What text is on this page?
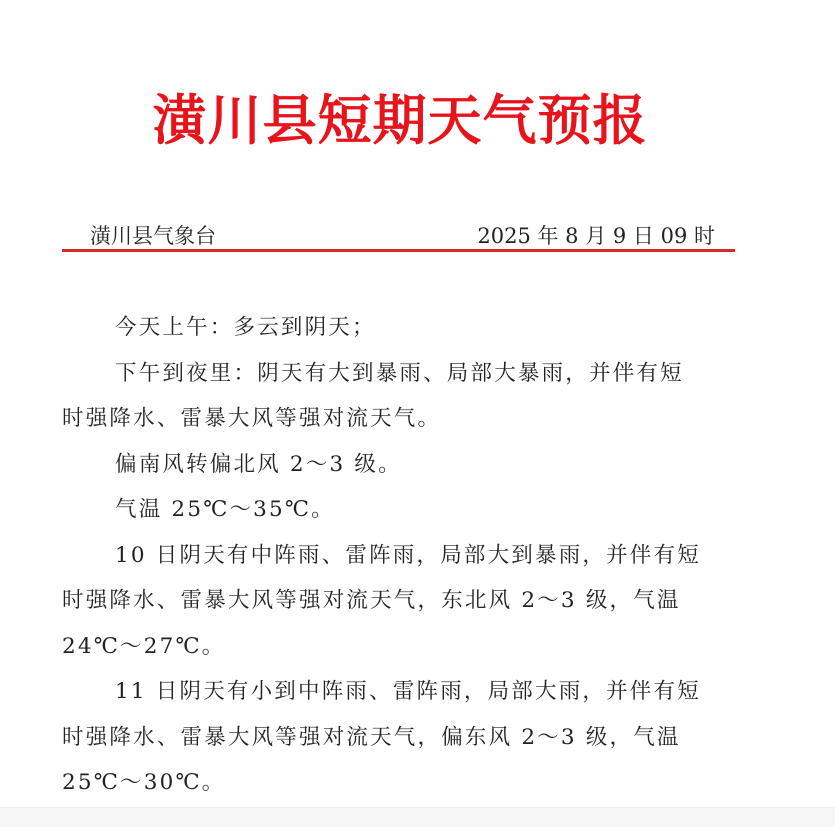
潢川县短期天气预报
潢川县气象台	2025 年 8 月 9 日 09 时
今天上午：多云到阴天；
下午到夜里：阴天有大到暴雨、局部大暴雨，并伴有短
时强降水、雷暴大风等强对流天气。
偏南风转偏北风 2～3 级。
气温 25℃～35℃。
10 日阴天有中阵雨、雷阵雨，局部大到暴雨，并伴有短
时强降水、雷暴大风等强对流天气，东北风 2～3 级，气温
24℃～27℃。
11 日阴天有小到中阵雨、雷阵雨，局部大雨，并伴有短
时强降水、雷暴大风等强对流天气，偏东风 2～3 级，气温
25℃～30℃。
